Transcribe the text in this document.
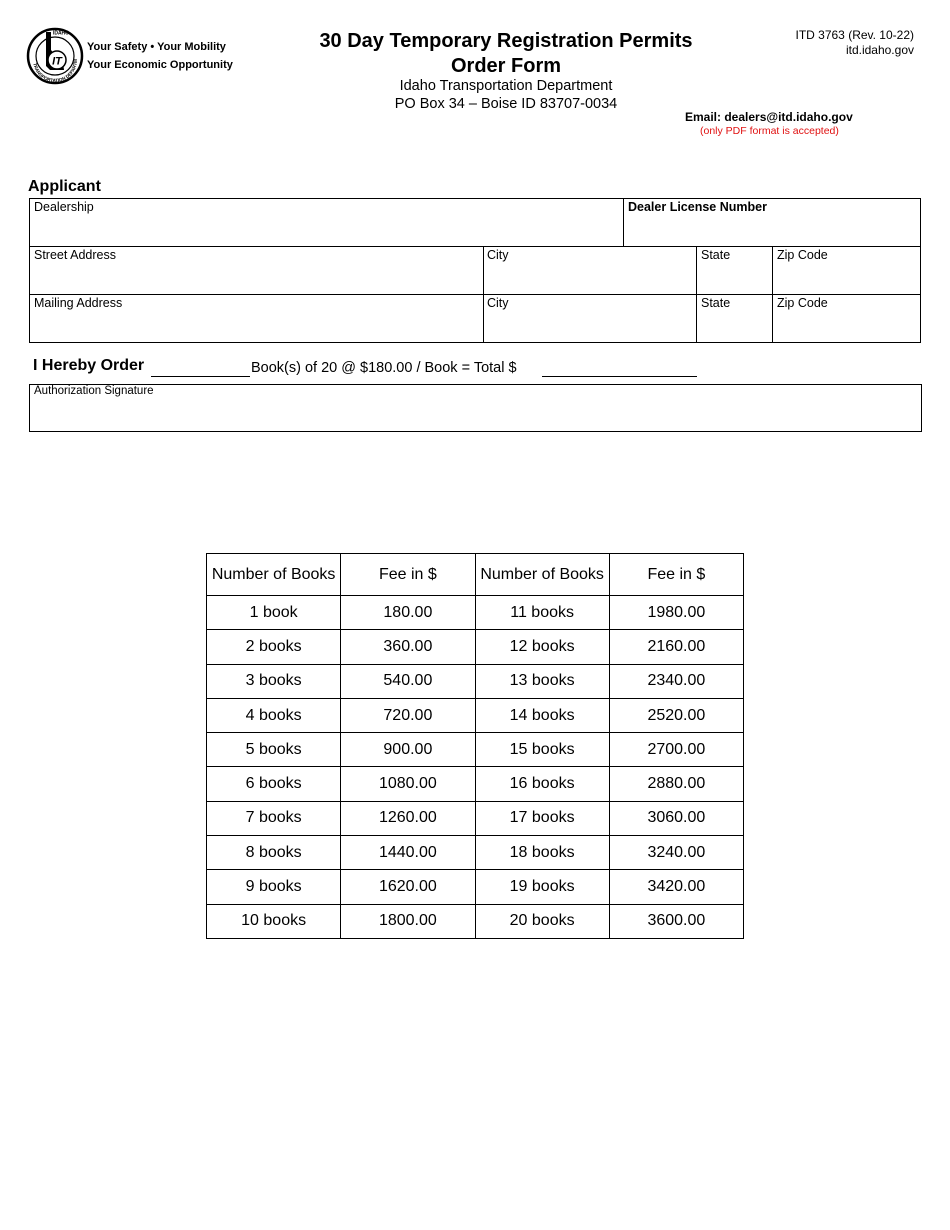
IT
TRANSPORTATION DEPARTM
IDAHO
Your Safety • Your Mobility
Your Economic Opportunity
30 Day Temporary Registration Permits
Order Form
Idaho Transportation Department
PO Box 34 – Boise ID 83707-0034
ITD 3763 (Rev. 10-22)
itd.idaho.gov
Email: dealers@itd.idaho.gov
(only PDF format is accepted)
Applicant
Dealership	Dealer License Number
Street Address	City	State	Zip Code
Mailing Address	City	State	Zip Code
I Hereby Order	Book(s) of 20 @ $180.00 / Book = Total $
Authorization Signature
Number of Books	Fee in $	Number of Books	Fee in $
1 book	180.00	11 books	1980.00
2 books	360.00	12 books	2160.00
3 books	540.00	13 books	2340.00
4 books	720.00	14 books	2520.00
5 books	900.00	15 books	2700.00
6 books	1080.00	16 books	2880.00
7 books	1260.00	17 books	3060.00
8 books	1440.00	18 books	3240.00
9 books	1620.00	19 books	3420.00
10 books	1800.00	20 books	3600.00
